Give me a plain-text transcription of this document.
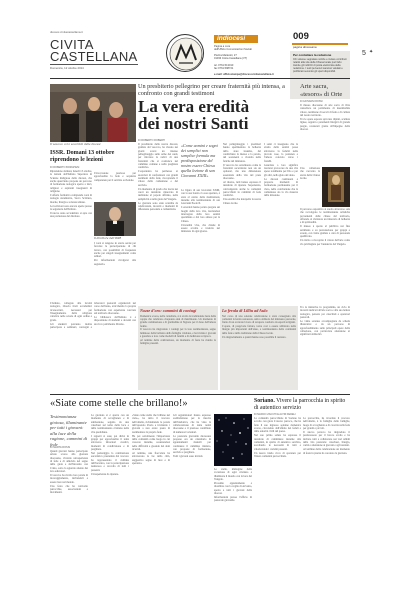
diocesi.civitacastellana.it
CIVITA
CASTELLANA
Domenica, 12 ottobre 2014
indiocesi
Pagina a cura
dell'Ufficio Comunicazioni Sociali

Piazza Matteotti, 27
01033 Civita Castellana (VT)

tel. 0761.513010
fax 0761.598721

e-mail: ufficiostampa@diocesi.civitacastellana.it
009
pagina diocesana
5 ✦
Per contattare la redazione
Chi volesse segnalare notizie e inviare contributi relativi alla vita della Chiesa locale può farlo tramite gli indirizzi di posta elettronica della redazione. I testi pervenuti saranno valutati e pubblicati secondo gli spazi disponibili.
Il vescovo con i sacerdoti della diocesi
Un presbiterio pellegrino per creare fraternità più intensa, a confronto con grandi testimoni
La vera eredità
dei nostri Santi
Arte sacra, «tesoro» di Orte
DI GIOVANNI ROSSI
DI ROBERTO ROBERTI

Il presbiterio della nostra diocesi, guidato dal vescovo, ha vissuto nei giorni scorsi un intenso pellegrinaggio sulle orme dei santi, per ritrovare le radici di una fraternità che si costruisce nel cammino comune e nella preghiera condivisa.

L'esperienza ha permesso ai sacerdoti di confrontarsi con grandi testimoni della fede, riscoprendo il valore della comunione e del servizio.

Un momento di grazia che lascia nei cuori un desiderio rinnovato di dedizione al popolo affidato, nella semplicità e nella gioia del Vangelo.

Le giornate sono state scandite da celebrazioni, incontri e momenti di riflessione personale e comunitaria.

«Come uomini e sogni dei semplici non semplice formula ma predisposizione del nostro essere Chiesa quella lezione di san Giovanni XXIII»

La figura di san Giovanni XXIII, con la sua bontà e la sua apertura, è stata al centro delle meditazioni, insieme alla testimonianza di san Giovanni Paolo II.

I sacerdoti hanno potuto pregare sui luoghi della loro vita, lasciandosi interrogare dalla loro santità quotidiana e dal loro amore per la Chiesa.

Un'eredità viva, che chiede di essere accolta e tradotta nel ministero di ogni giorno.

Nel pellegrinaggio i presbiteri hanno sperimentato la bellezza dello stare insieme, del condividere la mensa e la parola, del sostenersi a vicenda nelle fatiche del ministero.

Il vescovo ha sottolineato come la fraternità sacerdotale non sia un optional, ma una dimensione essenziale della vita del prete diocesano.

Al ritorno, tutti hanno espresso il desiderio di ripetere l'esperienza, coinvolgendo anche le comunità parrocchiali in cammini di fede condivisi.

Una eredità che interpella la nostra Chiesa locale.

I santi ci insegnano che la strada della santità passa attraverso la fedeltà nelle piccole cose, la pazienza e l'amore concreto verso i fratelli.

Guardare a loro significa lasciarsi provocare da una vita spesa totalmente per Dio e per gli altri, nella gioia del dono.

La diocesi continuerà a proporre momenti di formazione permanente per il clero, nella convinzione che la comunione sia la via maestra della missione.

Il museo diocesano di arte sacra di Orte custodisce un patrimonio di inestimabile valore, testimone di secoli di fede e di cultura del nostro territorio.

Tra le opere esposte spiccano dipinti, sculture lignee, argenti e paramenti liturgici di grande pregio, restaurati grazie all'impegno della diocesi.

Una collezione che racconta la storia della Chiesa locale.

Il percorso espositivo si snoda attraverso sale che raccolgono le testimonianze artistiche provenienti dalle chiese del territorio, offrendo al visitatore un itinerario di bellezza e di spiritualità.

Il museo è aperto al pubblico nei fine settimana e su prenotazione per gruppi e scuole, con visite guidate a cura di personale qualificato.

Un invito a riscoprire il valore dell'arte come via privilegiata per l'annuncio del Vangelo.

ISSR. Domani 13 ottobre riprendono le lezioni
DI ROBERTO BORGHESI

Riprendono domani, lunedì 13 ottobre, le lezioni dell'Istituto Superiore di Scienze Religiose della diocesi, che anche quest'anno propone un percorso di formazione teologica aperto a laici, religiosi e aspiranti insegnanti di religione.

L'offerta formativa comprende corsi di teologia sistematica, Sacra Scrittura, morale, liturgia e scienze umane.

Le iscrizioni sono ancora aperte presso la segreteria dell'Istituto.

Il nuovo anno accademico si apre con una prolusione del direttore.

Il direttore dell'ISSR

Un'occasione preziosa per approfondire la fede e acquisire competenze per il servizio ecclesiale.

I corsi si tengono in orario serale per favorire la partecipazione di chi lavora, con possibilità di frequenza anche per singoli insegnamenti come uditori.

Per informazioni rivolgersi alla segreteria.

Nozze d'oro: cammini di coniugi

Domenica scorsa, nella cattedrale, si è svolta la tradizionale festa delle coppie che celebrano cinquanta anni di matrimonio. Un momento di grande commozione e di gratitudine al Signore per il dono dell'amore fedele.

Il vescovo ha ringraziato i coniugi per la loro testimonianza, segno luminoso della bellezza della famiglia cristiana, e ha invitato i giovani a guardare a loro come modelli di fedeltà e di dedizione reciproca.

Al termine della celebrazione, un momento di festa ha riunito le famiglie presenti.

La ferula di Lilliu ad Aulo

Nel corso di una solenne celebrazione è stata consegnata alla comunità la ferula restaurata, antico simbolo del ministero pastorale, frutto di un accurato lavoro di recupero condotto da esperti artigiani.

L'opera, di pregevole fattura, torna così a essere utilizzata nelle liturgie più importanti dell'anno, a testimonianza della continuità della fede e della tradizione della Chiesa locale.

Un ringraziamento a quanti hanno reso possibile il restauro.

Tra le iniziative in programma, un ciclo di incontri dedicati all'arte sacra e alla sua lettura teologica, pensato per catechisti e operatori pastorali.

Le visite saranno accompagnate da schede illustrative e da un percorso di approfondimento sulle principali opere della collezione, con particolare attenzione ai significati simbolici.

L'Istituto, collegato alla facoltà teologica, rilascia titoli accademici riconosciuti, necessari per l'insegnamento della religione cattolica nelle scuole di ogni ordine e grado.

Gli studenti potranno inoltre partecipare a seminari, convegni e laboratori pastorali organizzati nel corso dell'anno, arricchendo la propria formazione con esperienze concrete sul territorio diocesano.

La biblioteca dell'Istituto è a disposizione di studenti e docenti con un ricco patrimonio librario.

«Siate come stelle che brillano!»	Soriano. Vivere la parrocchia in spirito di autentico servizio
DI MARCO ZACCHI E ALTRI FEDELI
Testimonianza gioiosa, illuminante per tutti i giovani: alla luce della ragione, cammini di fede
DI MARTA ROSSI

Quanti giovani hanno partecipato sabato scorso alla giornata diocesana, vivendo un'esperienza di fede e di amicizia nel segno della gioia e dell'incontro con Cristo, sotto lo sguardo attento dei loro educatori.

Il vescovo ha rivolto loro parole di incoraggiamento, invitandoli a essere luce nel mondo.

Una festa che ha coinvolto parrocchie, associazioni e movimenti.

La giornata si è aperta con un momento di accoglienza e di animazione, seguito da una catechesi sul tema della luce e della testimonianza cristiana nella vita quotidiana.

I ragazzi si sono poi divisi in gruppi per approfondire il tema attraverso laboratori creativi, momenti di condivisione e di preghiera.

Nel pomeriggio la celebrazione eucaristica presieduta dal vescovo ha rappresentato il culmine dell'incontro, con la partecipazione numerosa e raccolta di tutti i presenti.

Un'esperienza da ripetere.

«Siate come stelle che brillano nel cielo», ha detto il vescovo nell'omelia, richiamando le parole dell'apostolo Paolo e invitando i giovani a non avere paura di testimoniare la propria fede.

Ha poi sottolineato l'importanza della comunità come luogo in cui crescere insieme, sostenendosi nelle difficoltà e gioendo dei doni ricevuti.

Al termine, una fiaccolata ha attraversato le vie della città, suggestivo segno di luce e di speranza.

Gli organizzatori hanno espresso soddisfazione per la riuscita dell'iniziativa, che ha visto la collaborazione di tante realtà diocesane e il prezioso contributo di numerosi volontari.

La pastorale giovanile diocesana propone ora un calendario di appuntamenti mensili per continuare il cammino iniziato, con proposte di formazione, servizio e preghiera.

Tutti i giovani sono invitati.

Le stelle, immagine della vocazione di ogni cristiano a illuminare il mondo con la luce del Vangelo.

Prossimo appuntamento a dicembre con la veglia di Avvento, aperta a tutti i giovani della diocesi.

Informazioni presso l'ufficio di pastorale giovanile.

La comunità parrocchiale di Soriano ha accolto con gioia il nuovo parroco, che ha fatto il suo ingresso solenne domenica scorsa, circondato dall'affetto dei fedeli e dalle autorità civili del paese.

Nel suo primo saluto ha espresso il desiderio di camminare insieme alla comunità, in spirito di autentico servizio, ascoltando le necessità di tutti e valorizzando i carismi presenti.

Un nuovo inizio ricco di speranza per l'intera comunità parrocchiale.

La parrocchia, ha ricordato il vescovo nell'omelia, è la famiglia delle famiglie, luogo di accoglienza e di crescita nella fede per grandi e piccoli.

Il nuovo parroco ha ringraziato il predecessore per il lavoro svolto e ha invitato tutti a collaborare nei vari ambiti della vita pastorale: catechesi, liturgia, carità e attenzione ai giovani e agli anziani.

Al termine della celebrazione un momento di festa in piazza ha coronato la giornata.
